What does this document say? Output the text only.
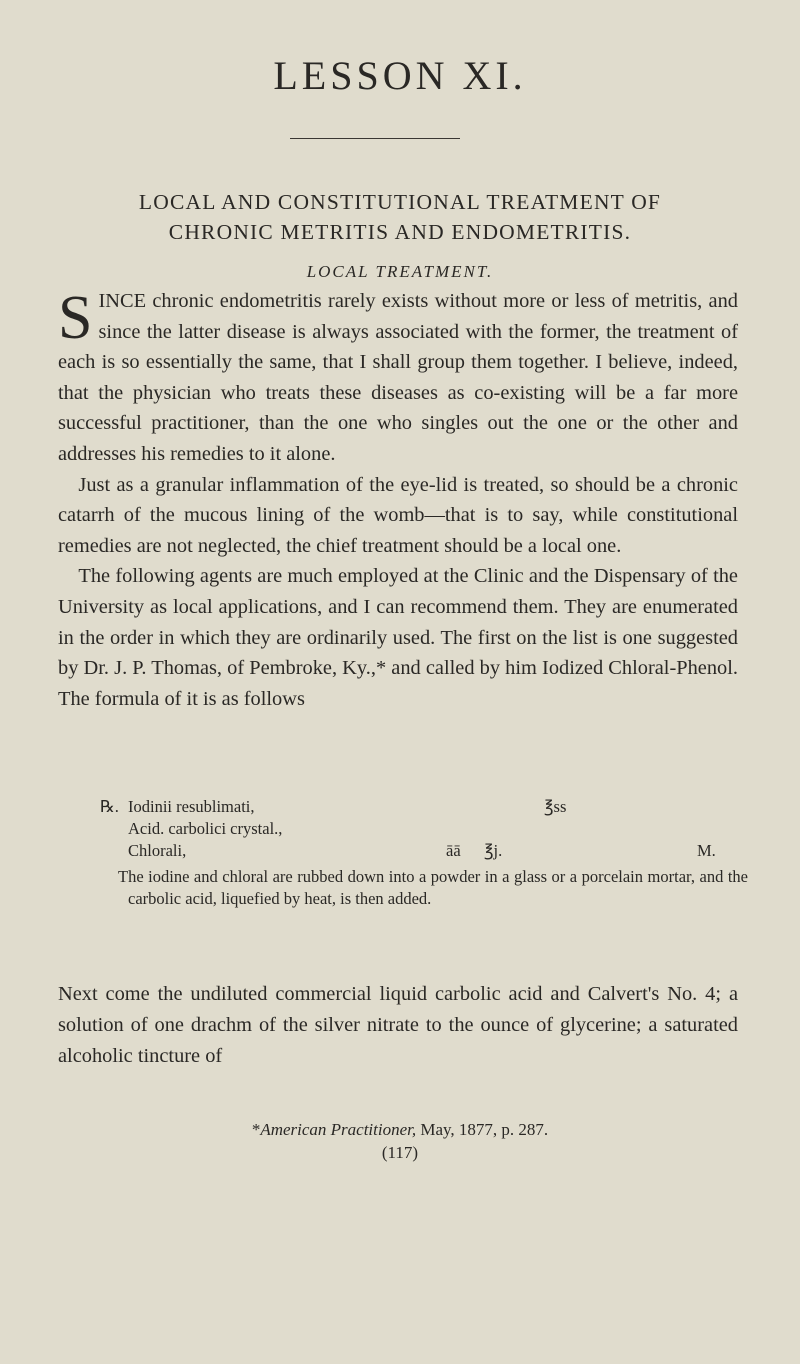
LESSON XI.
LOCAL AND CONSTITUTIONAL TREATMENT OF
CHRONIC METRITIS AND ENDOMETRITIS.
LOCAL TREATMENT.

SINCE chronic endometritis rarely exists without more or less of metritis, and since the latter disease is always associated with the former, the treatment of each is so essentially the same, that I shall group them together. I believe, indeed, that the physician who treats these diseases as co-existing will be a far more successful practitioner, than the one who singles out the one or the other and addresses his remedies to it alone.

Just as a granular inflammation of the eye-lid is treated, so should be a chronic catarrh of the mucous lining of the womb—that is to say, while constitutional remedies are not neglected, the chief treatment should be a local one.

The following agents are much employed at the Clinic and the Dispensary of the University as local applications, and I can recommend them. They are enumerated in the order in which they are ordinarily used. The first on the list is one suggested by Dr. J. P. Thomas, of Pembroke, Ky.,* and called by him Iodized Chloral-Phenol. The formula of it is as follows

℞. Iodinii resublimati,	℥ss
Acid. carbolici crystal.,
Chlorali,	āā ℥j.	M.
The iodine and chloral are rubbed down into a powder in a glass or a porcelain mortar, and the carbolic acid, liquefied by heat, is then added.

Next come the undiluted commercial liquid carbolic acid and Calvert's No. 4; a solution of one drachm of the silver nitrate to the ounce of glycerine; a saturated alcoholic tincture of

*American Practitioner, May, 1877, p. 287.
(117)
